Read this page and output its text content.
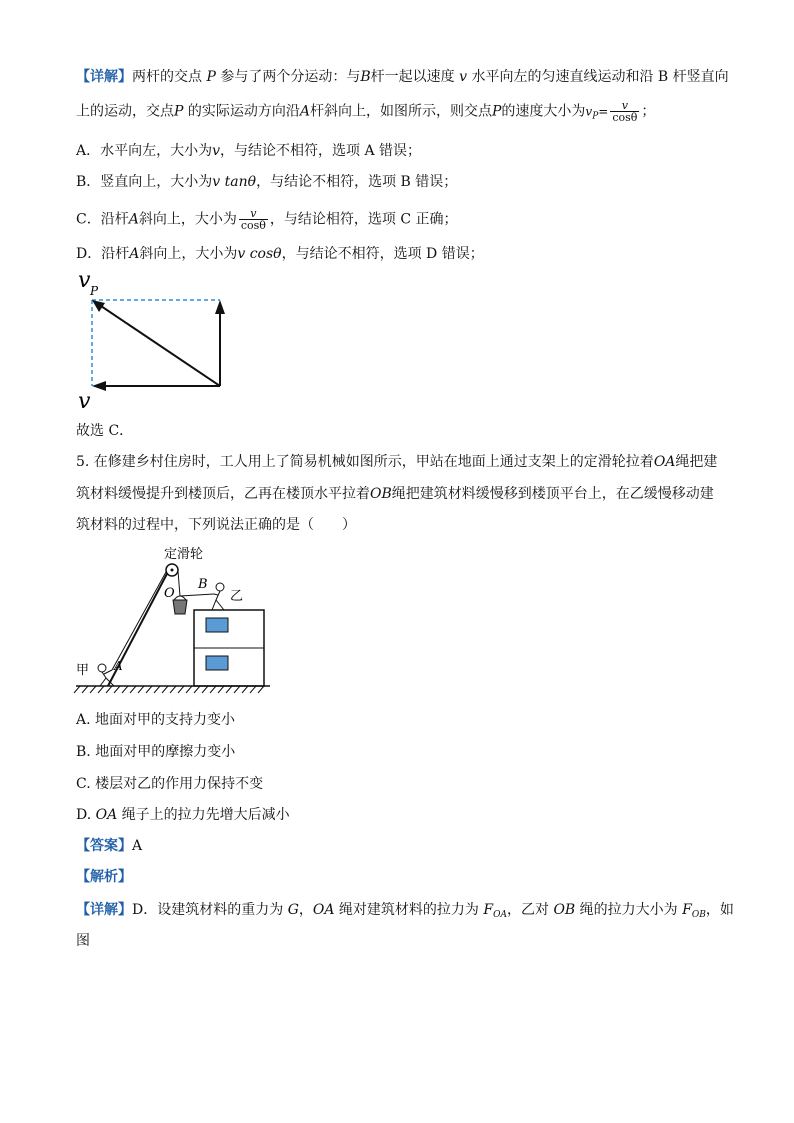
【详解】两杆的交点 P 参与了两个分运动：与B杆一起以速度 v 水平向左的匀速直线运动和沿 B 杆竖直向
上的运动，交点P 的实际运动方向沿A杆斜向上，如图所示，则交点P的速度大小为$v_P= \frac{v}{\cos\theta}$ ；
A．水平向左，大小为v，与结论不相符，选项 A 错误；
B．竖直向上，大小为v tanθ，与结论不相符，选项 B 错误；
C．沿杆A斜向上，大小为 $\frac{v}{\cos\theta}$ ，与结论相符，选项 C 正确；
D．沿杆A斜向上，大小为v cosθ，与结论不相符，选项 D 错误；
v P
v
故选 C．
5. 在修建乡村住房时，工人用上了简易机械如图所示，甲站在地面上通过支架上的定滑轮拉着OA绳把建
筑材料缓慢提升到楼顶后，乙再在楼顶水平拉着OB绳把建筑材料缓慢移到楼顶平台上，在乙缓慢移动建
筑材料的过程中，下列说法正确的是（　　）
定滑轮
O
B
乙
甲 A
A. 地面对甲的支持力变小
B. 地面对甲的摩擦力变小
C. 楼层对乙的作用力保持不变
D. OA 绳子上的拉力先增大后减小
【答案】A
【解析】
【详解】D．设建筑材料的重力为 G，OA 绳对建筑材料的拉力为 $F_{OA}$，乙对 OB 绳的拉力大小为 $F_{OB}$，如
图
